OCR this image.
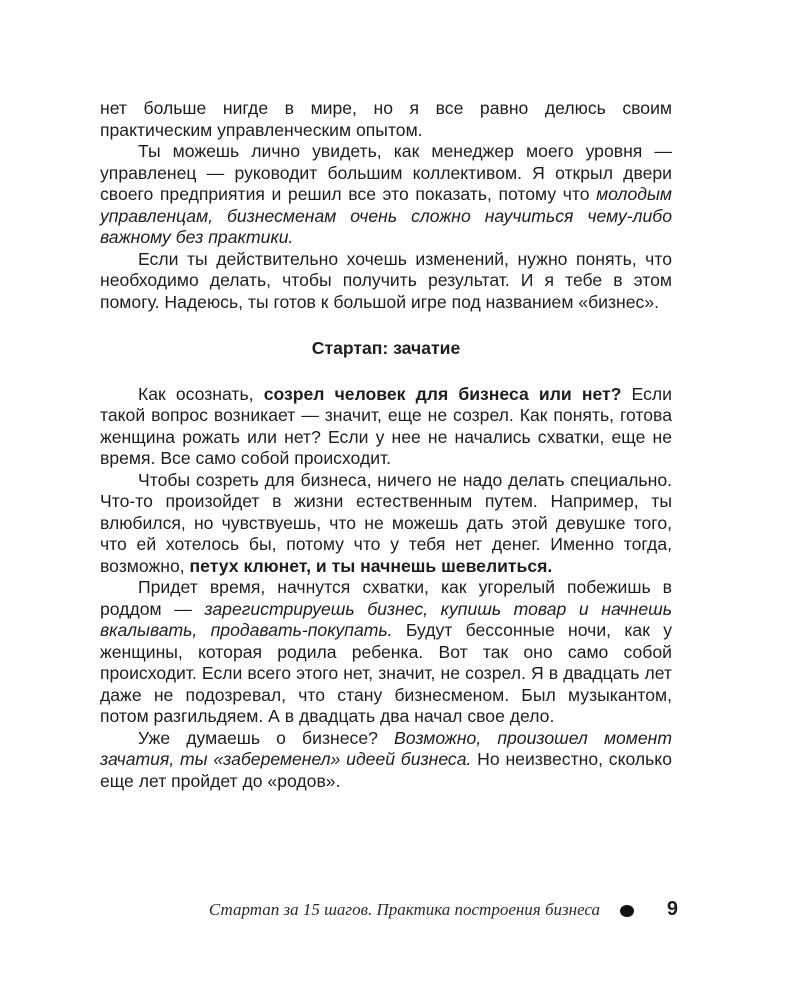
нет больше нигде в мире, но я все равно делюсь своим практическим управленческим опытом.

Ты можешь лично увидеть, как менеджер моего уровня — управленец — руководит большим коллективом. Я открыл двери своего предприятия и решил все это показать, потому что молодым управленцам, бизнесменам очень сложно научиться чему-либо важному без практики.

Если ты действительно хочешь изменений, нужно понять, что необходимо делать, чтобы получить результат. И я тебе в этом помогу. Надеюсь, ты готов к большой игре под названием «бизнес».

Стартап: зачатие

Как осознать, созрел человек для бизнеса или нет? Если такой вопрос возникает — значит, еще не созрел. Как понять, готова женщина рожать или нет? Если у нее не начались схватки, еще не время. Все само собой происходит.

Чтобы созреть для бизнеса, ничего не надо делать специально. Что-то произойдет в жизни естественным путем. Например, ты влюбился, но чувствуешь, что не можешь дать этой девушке того, что ей хотелось бы, потому что у тебя нет денег. Именно тогда, возможно, петух клюнет, и ты начнешь шевелиться.

Придет время, начнутся схватки, как угорелый побежишь в роддом — зарегистрируешь бизнес, купишь товар и начнешь вкалывать, продавать-покупать. Будут бессонные ночи, как у женщины, которая родила ребенка. Вот так оно само собой происходит. Если всего этого нет, значит, не созрел. Я в двадцать лет даже не подозревал, что стану бизнесменом. Был музыкантом, потом разгильдяем. А в двадцать два начал свое дело.

Уже думаешь о бизнесе? Возможно, произошел момент зачатия, ты «забеременел» идеей бизнеса. Но неизвестно, сколько еще лет пройдет до «родов».

Стартап за 15 шагов. Практика построения бизнеса	9
